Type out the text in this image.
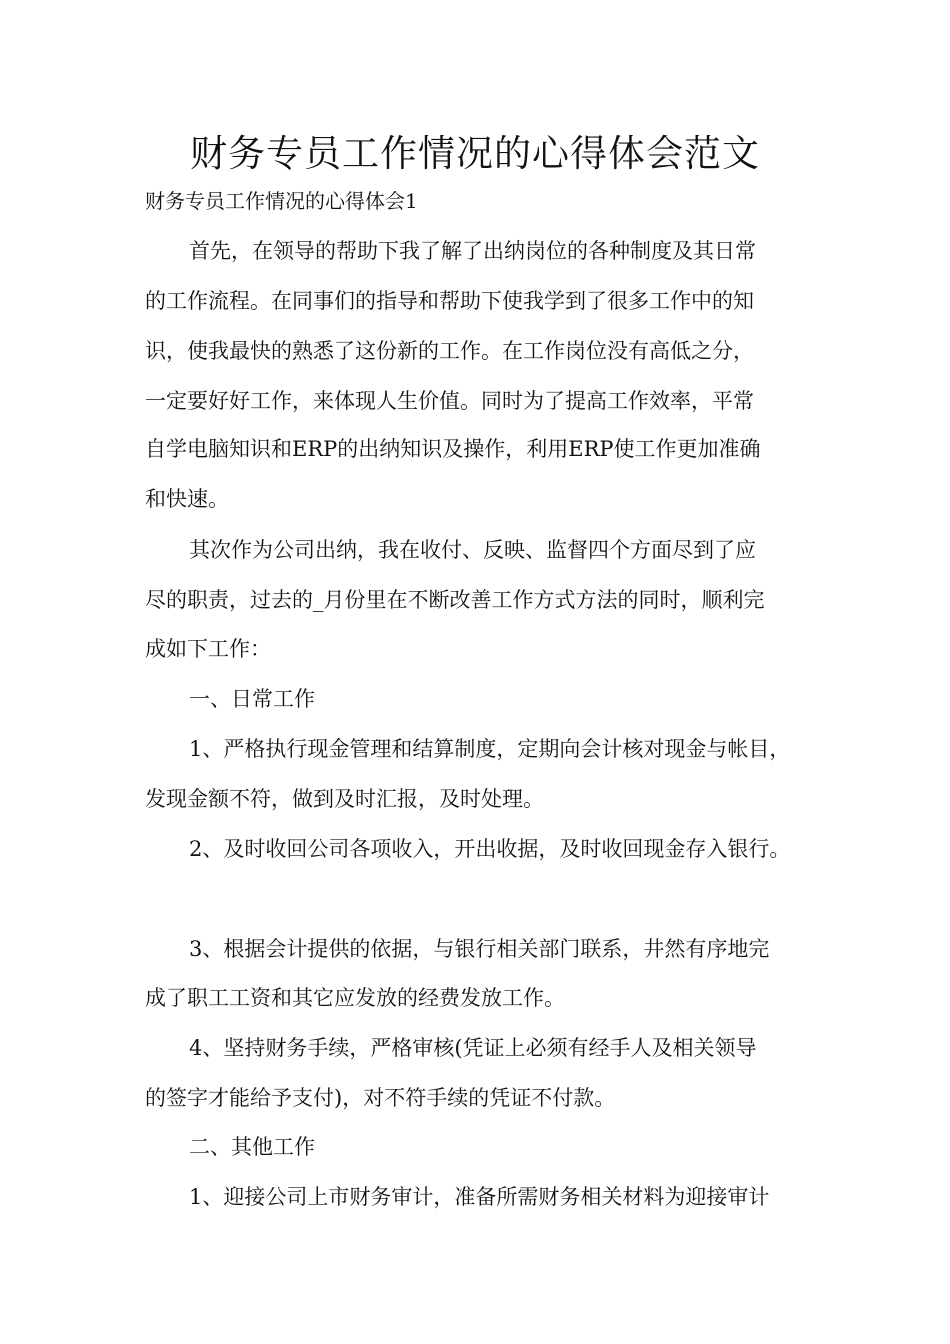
财务专员工作情况的心得体会范文

财务专员工作情况的心得体会1

首先，在领导的帮助下我了解了出纳岗位的各种制度及其日常

的工作流程。在同事们的指导和帮助下使我学到了很多工作中的知

识，使我最快的熟悉了这份新的工作。在工作岗位没有高低之分，

一定要好好工作，来体现人生价值。同时为了提高工作效率，平常

自学电脑知识和ERP的出纳知识及操作，利用ERP使工作更加准确

和快速。

其次作为公司出纳，我在收付、反映、监督四个方面尽到了应

尽的职责，过去的_月份里在不断改善工作方式方法的同时，顺利完

成如下工作：

一、日常工作

1、严格执行现金管理和结算制度，定期向会计核对现金与帐目，

发现金额不符，做到及时汇报，及时处理。

2、及时收回公司各项收入，开出收据，及时收回现金存入银行。

3、根据会计提供的依据，与银行相关部门联系，井然有序地完

成了职工工资和其它应发放的经费发放工作。

4、坚持财务手续，严格审核(凭证上必须有经手人及相关领导

的签字才能给予支付)，对不符手续的凭证不付款。

二、其他工作

1、迎接公司上市财务审计，准备所需财务相关材料为迎接审计
